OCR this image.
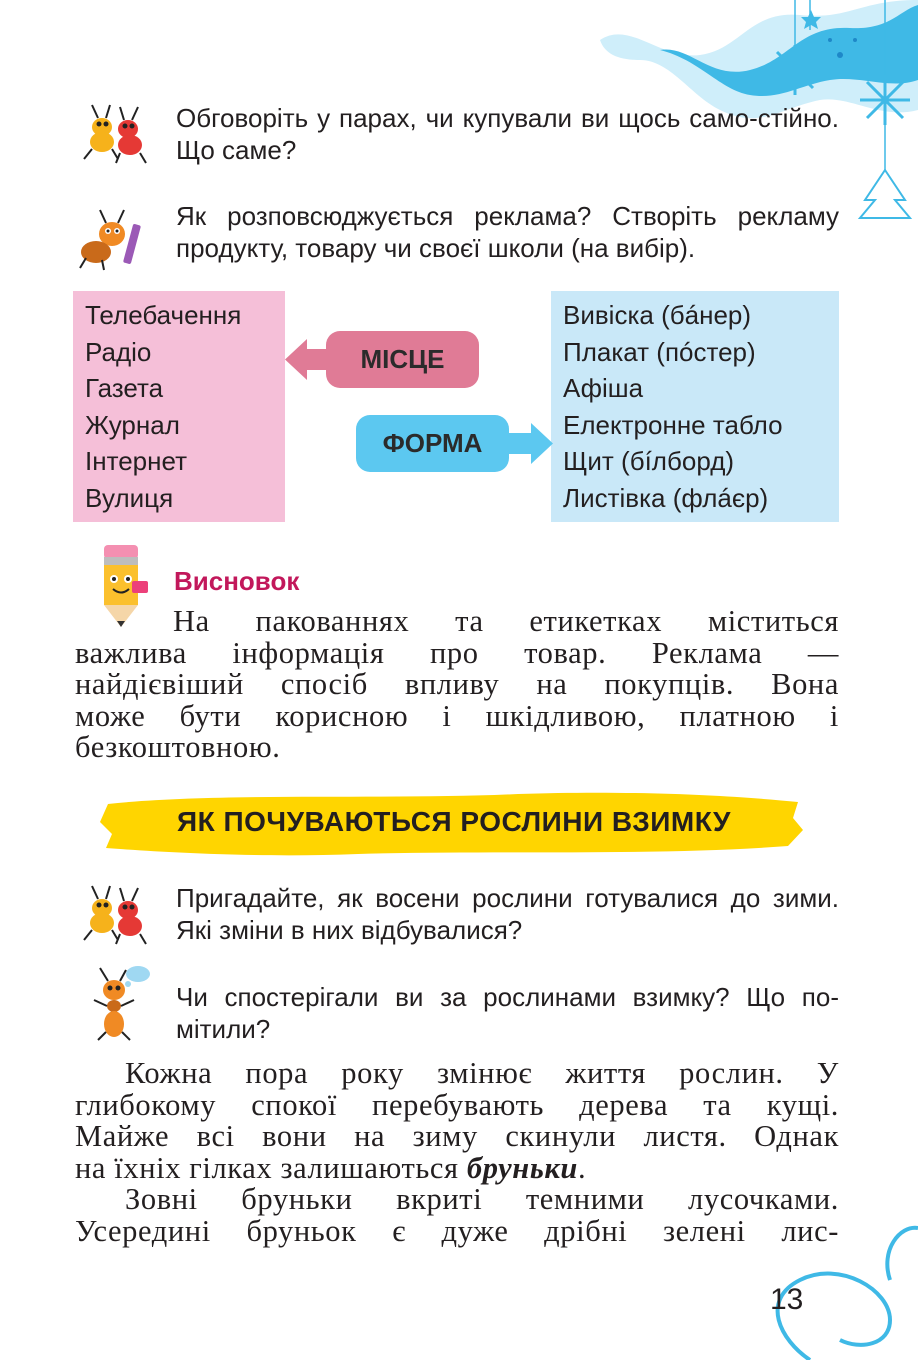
Обговоріть у парах, чи купували ви щось само-стійно. Що саме?
Як розповсюджується реклама? Створіть рекламу продукту, товару чи своєї школи (на вибір).
Телебачення
Радіо
Газета
Журнал
Інтернет
Вулиця
Вивіска (бáнер)
Плакат (пóстер)
Афіша
Електронне табло
Щит (бíлборд)
Листівка (флáєр)
МІСЦЕ
ФОРМА
Висновок
На пакованнях та етикетках міститься
важлива інформація про товар. Реклама —
найдієвіший спосіб впливу на покупців. Вона
може бути корисною і шкідливою, платною і
безкоштовною.
ЯК ПОЧУВАЮТЬСЯ РОСЛИНИ ВЗИМКУ
Пригадайте, як восени рослини готувалися до зими. Які зміни в них відбувалися?
Чи спостерігали ви за рослинами взимку? Що по-мітили?
Кожна пора року змінює життя рослин. У
глибокому спокої перебувають дерева та кущі.
Майже всі вони на зиму скинули листя. Однак
на їхніх гілках залишаються бруньки.
Зовні бруньки вкриті темними лусочками.
Усередині бруньок є дуже дрібні зелені лис-
13
